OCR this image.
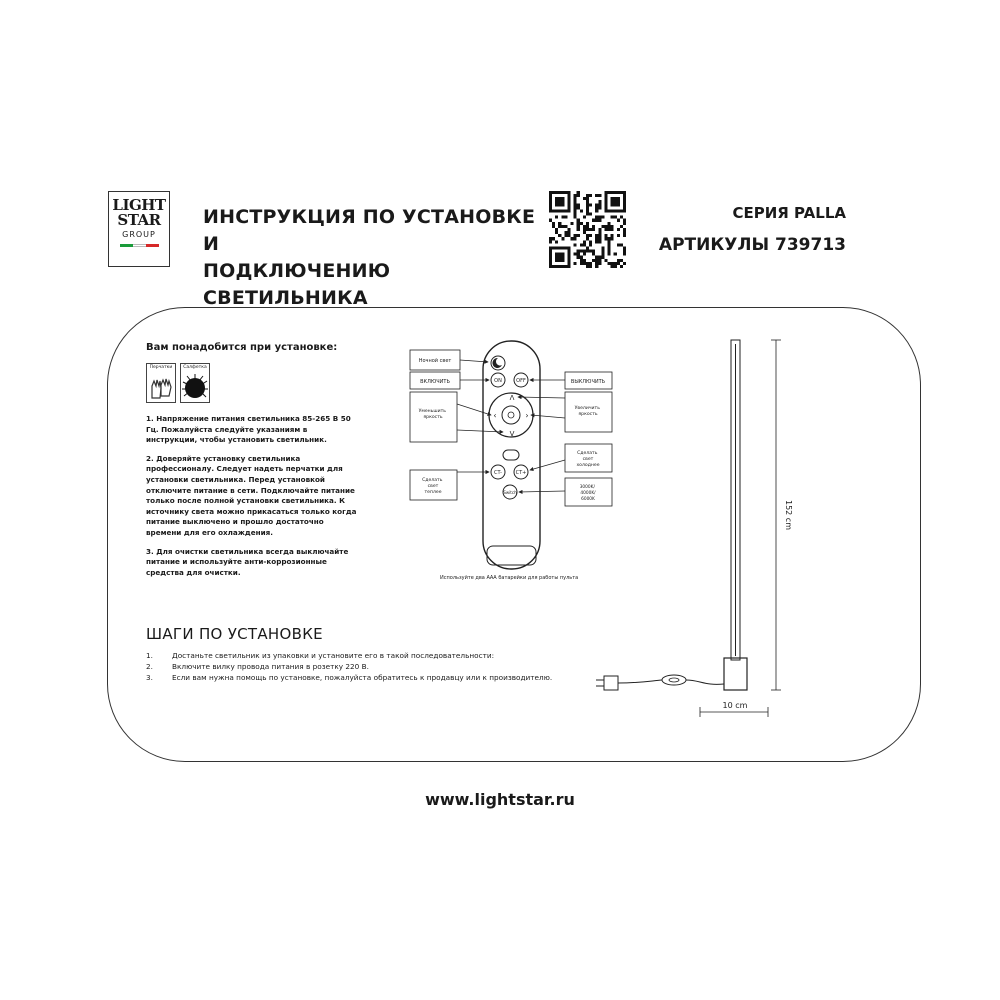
LIGHT
STAR
GROUP
ИНСТРУКЦИЯ ПО УСТАНОВКЕ И
ПОДКЛЮЧЕНИЮ СВЕТИЛЬНИКА
СЕРИЯ PALLA
АРТИКУЛЫ 739713
Вам понадобится при установке:
Перчатки	Салфетка

1. Напряжение питания светильника 85-265 В 50 Гц. Пожалуйста следуйте указаниям в инструкции, чтобы установить светильник.

2. Доверяйте установку светильника профессионалу. Следует надеть перчатки для установки светильника. Перед установкой отключите питание в сети. Подключайте питание только после полной установки светильника. К источнику света можно прикасаться только когда питание выключено и прошло достаточно времени для его охлаждения.

3. Для очистки светильника всегда выключайте питание и используйте анти-коррозионные средства для очистки.

ON	OFF
Λ
V
‹	›
CT-	CT+
Switch
Ночной свет
ВКЛЮЧИТЬ	ВЫКЛЮЧИТЬ
Уменьшить яркость
Увеличить яркость
Сделать свет теплее
Сделать свет холоднее
3000K/ 4000K/ 6000K
Используйте два ААА батарейки для работы пульта
ШАГИ ПО УСТАНОВКЕ
1.	Достаньте светильник из упаковки и установите его в такой последовательности:
2.	Включите вилку провода питания в розетку 220 В.
3.	Если вам нужна помощь по установке, пожалуйста обратитесь к продавцу или к производителю.
152 cm
10 cm
www.lightstar.ru
